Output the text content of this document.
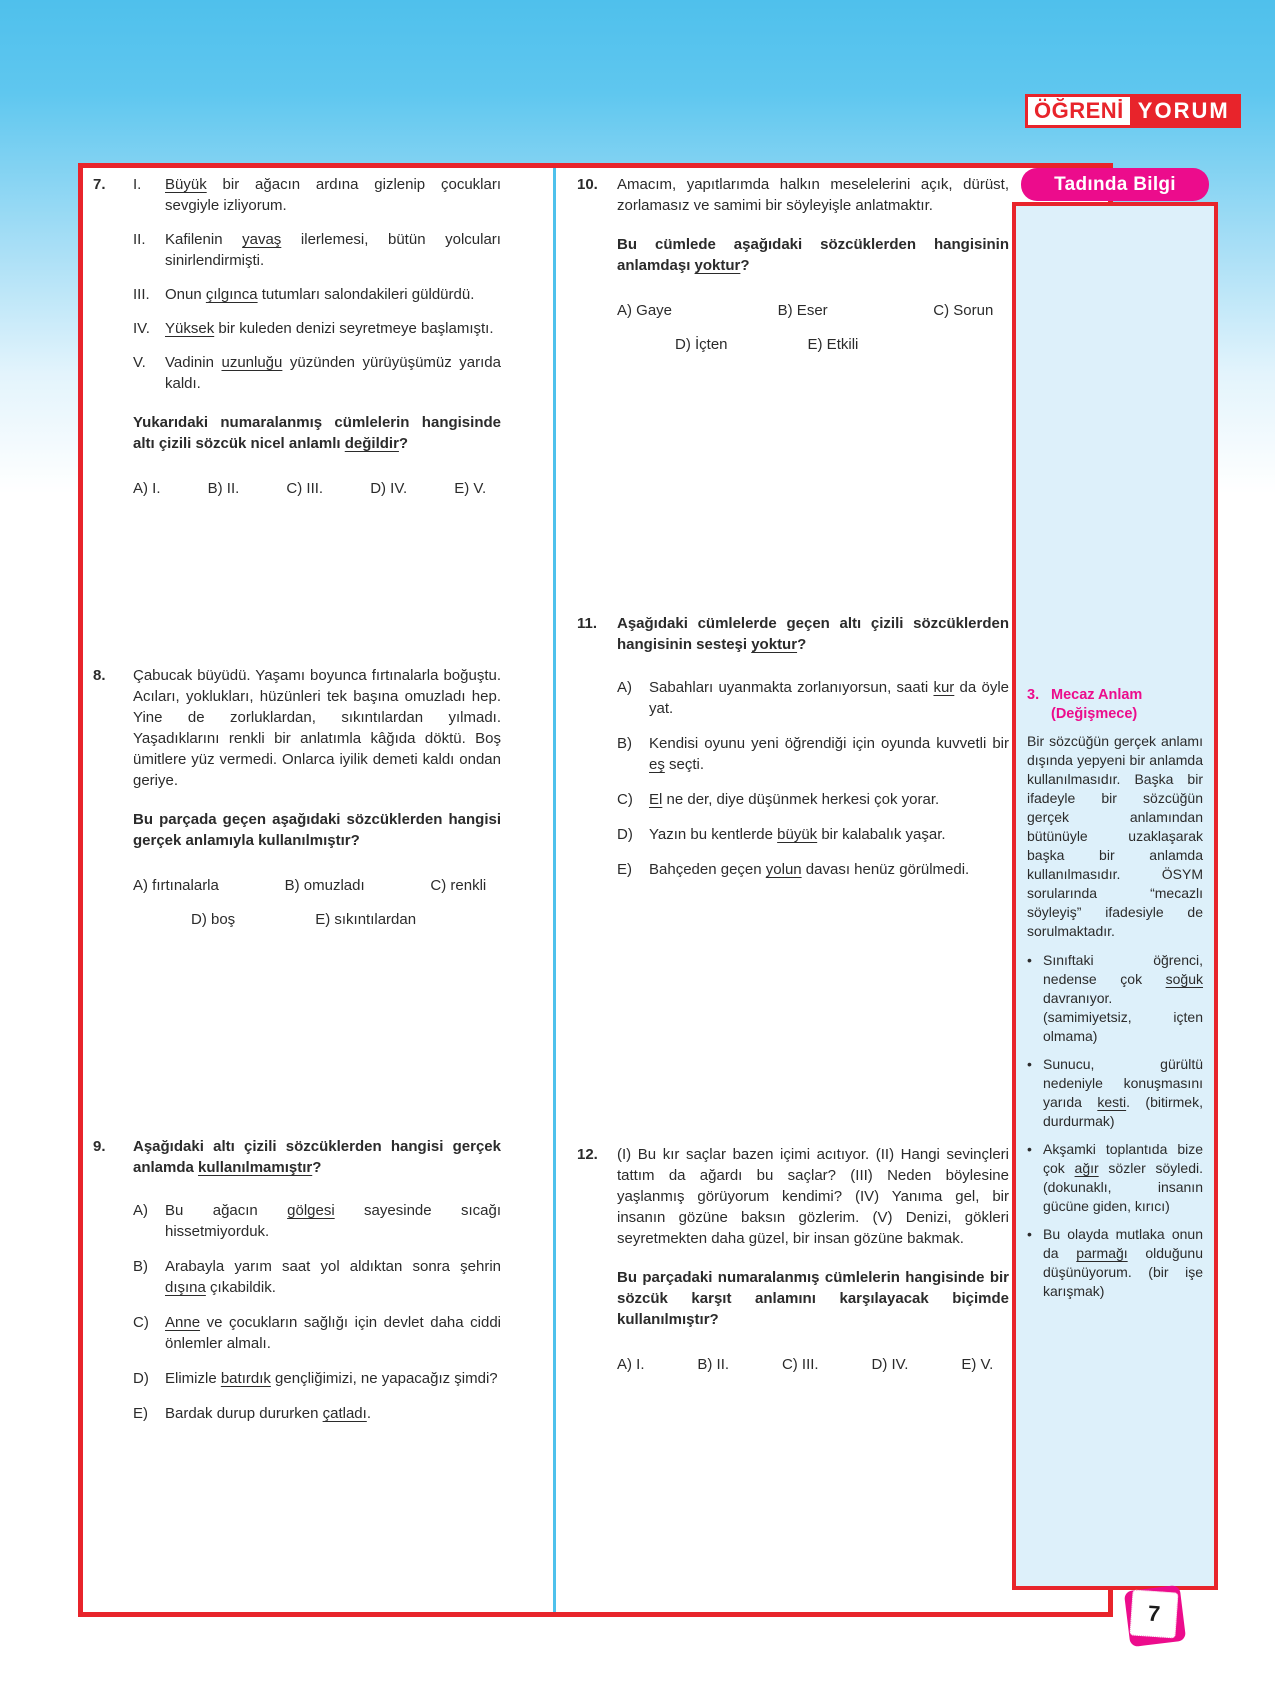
ÖĞRENİ YORUM
7.	I.	Büyük bir ağacın ardına gizlenip çocukları sevgiyle izliyorum.
II.	Kafilenin yavaş ilerlemesi, bütün yolcuları sinirlendirmişti.
III.	Onun çılgınca tutumları salondakileri güldürdü.
IV.	Yüksek bir kuleden denizi seyretmeye başlamıştı.
V.	Vadinin uzunluğu yüzünden yürüyüşümüz yarıda kaldı.
Yukarıdaki numaralanmış cümlelerin hangisinde altı çizili sözcük nicel anlamlı değildir?
A) I.	B) II.	C) III.	D) IV.	E) V.
8.	Çabucak büyüdü. Yaşamı boyunca fırtınalarla boğuştu. Acıları, yoklukları, hüzünleri tek başına omuzladı hep. Yine de zorluklardan, sıkıntılardan yılmadı. Yaşadıklarını renkli bir anlatımla kâğıda döktü. Boş ümitlere yüz vermedi. Onlarca iyilik demeti kaldı ondan geriye.
Bu parçada geçen aşağıdaki sözcüklerden hangisi gerçek anlamıyla kullanılmıştır?
A) fırtınalarla	B) omuzladı	C) renkli
D) boş	E) sıkıntılardan
9.	Aşağıdaki altı çizili sözcüklerden hangisi gerçek anlamda kullanılmamıştır?
A)	Bu ağacın gölgesi sayesinde sıcağı hissetmiyorduk.
B)	Arabayla yarım saat yol aldıktan sonra şehrin dışına çıkabildik.
C)	Anne ve çocukların sağlığı için devlet daha ciddi önlemler almalı.
D)	Elimizle batırdık gençliğimizi, ne yapacağız şimdi?
E)	Bardak durup dururken çatladı.
10.	Amacım, yapıtlarımda halkın meselelerini açık, dürüst, zorlamasız ve samimi bir söyleyişle anlatmaktır.
Bu cümlede aşağıdaki sözcüklerden hangisinin anlamdaşı yoktur?
A) Gaye	B) Eser	C) Sorun
D) İçten	E) Etkili
11.	Aşağıdaki cümlelerde geçen altı çizili sözcüklerden hangisinin sesteşi yoktur?
A)	Sabahları uyanmakta zorlanıyorsun, saati kur da öyle yat.
B)	Kendisi oyunu yeni öğrendiği için oyunda kuvvetli bir eş seçti.
C)	El ne der, diye düşünmek herkesi çok yorar.
D)	Yazın bu kentlerde büyük bir kalabalık yaşar.
E)	Bahçeden geçen yolun davası henüz görülmedi.
12.	(I) Bu kır saçlar bazen içimi acıtıyor. (II) Hangi sevinçleri tattım da ağardı bu saçlar? (III) Neden böylesine yaşlanmış görüyorum kendimi? (IV) Yanıma gel, bir insanın gözüne baksın gözlerim. (V) Denizi, gökleri seyretmekten daha güzel, bir insan gözüne bakmak.
Bu parçadaki numaralanmış cümlelerin hangisinde bir sözcük karşıt anlamını karşılayacak biçimde kullanılmıştır?
A) I.	B) II.	C) III.	D) IV.	E) V.
3. Mecaz Anlam (Değişmece)
Bir sözcüğün gerçek anlamı dışında yepyeni bir anlamda kullanılmasıdır. Başka bir ifadeyle bir sözcüğün gerçek anlamından bütünüyle uzaklaşarak başka bir anlamda kullanılmasıdır. ÖSYM sorularında “mecazlı söyleyiş” ifadesiyle de sorulmaktadır.
• Sınıftaki öğrenci, nedense çok soğuk davranıyor. (samimiyetsiz, içten olmama)
• Sunucu, gürültü nedeniyle konuşmasını yarıda kesti. (bitirmek, durdurmak)
• Akşamki toplantıda bize çok ağır sözler söyledi. (dokunaklı, insanın gücüne giden, kırıcı)
• Bu olayda mutlaka onun da parmağı olduğunu düşünüyorum. (bir işe karışmak)
Tadında Bilgi
7
